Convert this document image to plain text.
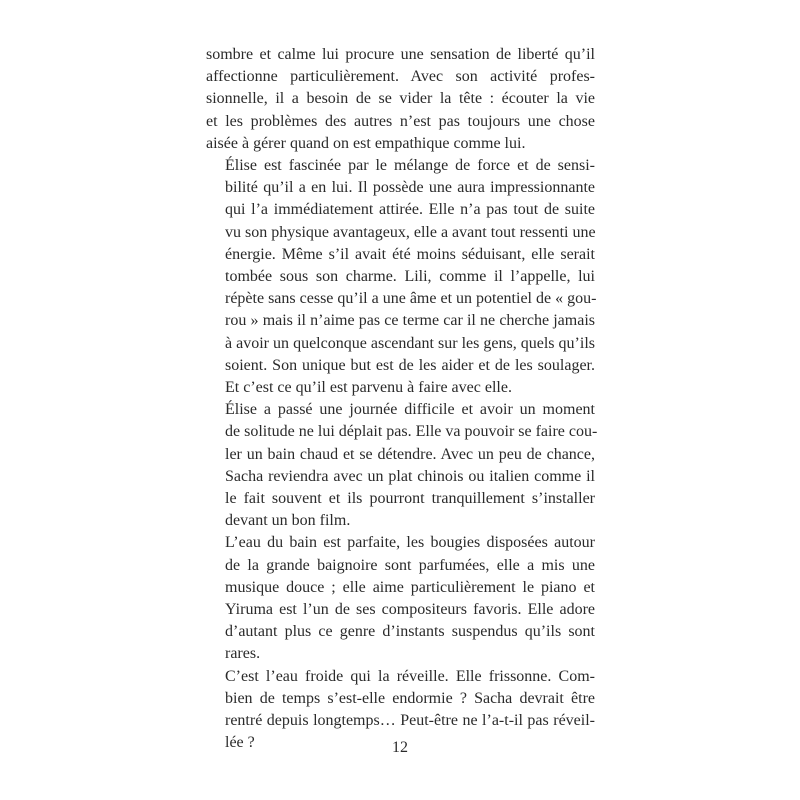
sombre et calme lui procure une sensation de liberté qu’il
affectionne particulièrement. Avec son activité profes-
sionnelle, il a besoin de se vider la tête : écouter la vie
et les problèmes des autres n’est pas toujours une chose
aisée à gérer quand on est empathique comme lui.

Élise est fascinée par le mélange de force et de sensi-
bilité qu’il a en lui. Il possède une aura impressionnante
qui l’a immédiatement attirée. Elle n’a pas tout de suite
vu son physique avantageux, elle a avant tout ressenti une
énergie. Même s’il avait été moins séduisant, elle serait
tombée sous son charme. Lili, comme il l’appelle, lui
répète sans cesse qu’il a une âme et un potentiel de « gou-
rou » mais il n’aime pas ce terme car il ne cherche jamais
à avoir un quelconque ascendant sur les gens, quels qu’ils
soient. Son unique but est de les aider et de les soulager.
Et c’est ce qu’il est parvenu à faire avec elle.

Élise a passé une journée difficile et avoir un moment
de solitude ne lui déplait pas. Elle va pouvoir se faire cou-
ler un bain chaud et se détendre. Avec un peu de chance,
Sacha reviendra avec un plat chinois ou italien comme il
le fait souvent et ils pourront tranquillement s’installer
devant un bon film.

L’eau du bain est parfaite, les bougies disposées autour
de la grande baignoire sont parfumées, elle a mis une
musique douce ; elle aime particulièrement le piano et
Yiruma est l’un de ses compositeurs favoris. Elle adore
d’autant plus ce genre d’instants suspendus qu’ils sont
rares.

C’est l’eau froide qui la réveille. Elle frissonne. Com-
bien de temps s’est-elle endormie ? Sacha devrait être
rentré depuis longtemps… Peut-être ne l’a-t-il pas réveil-
lée ?	12
